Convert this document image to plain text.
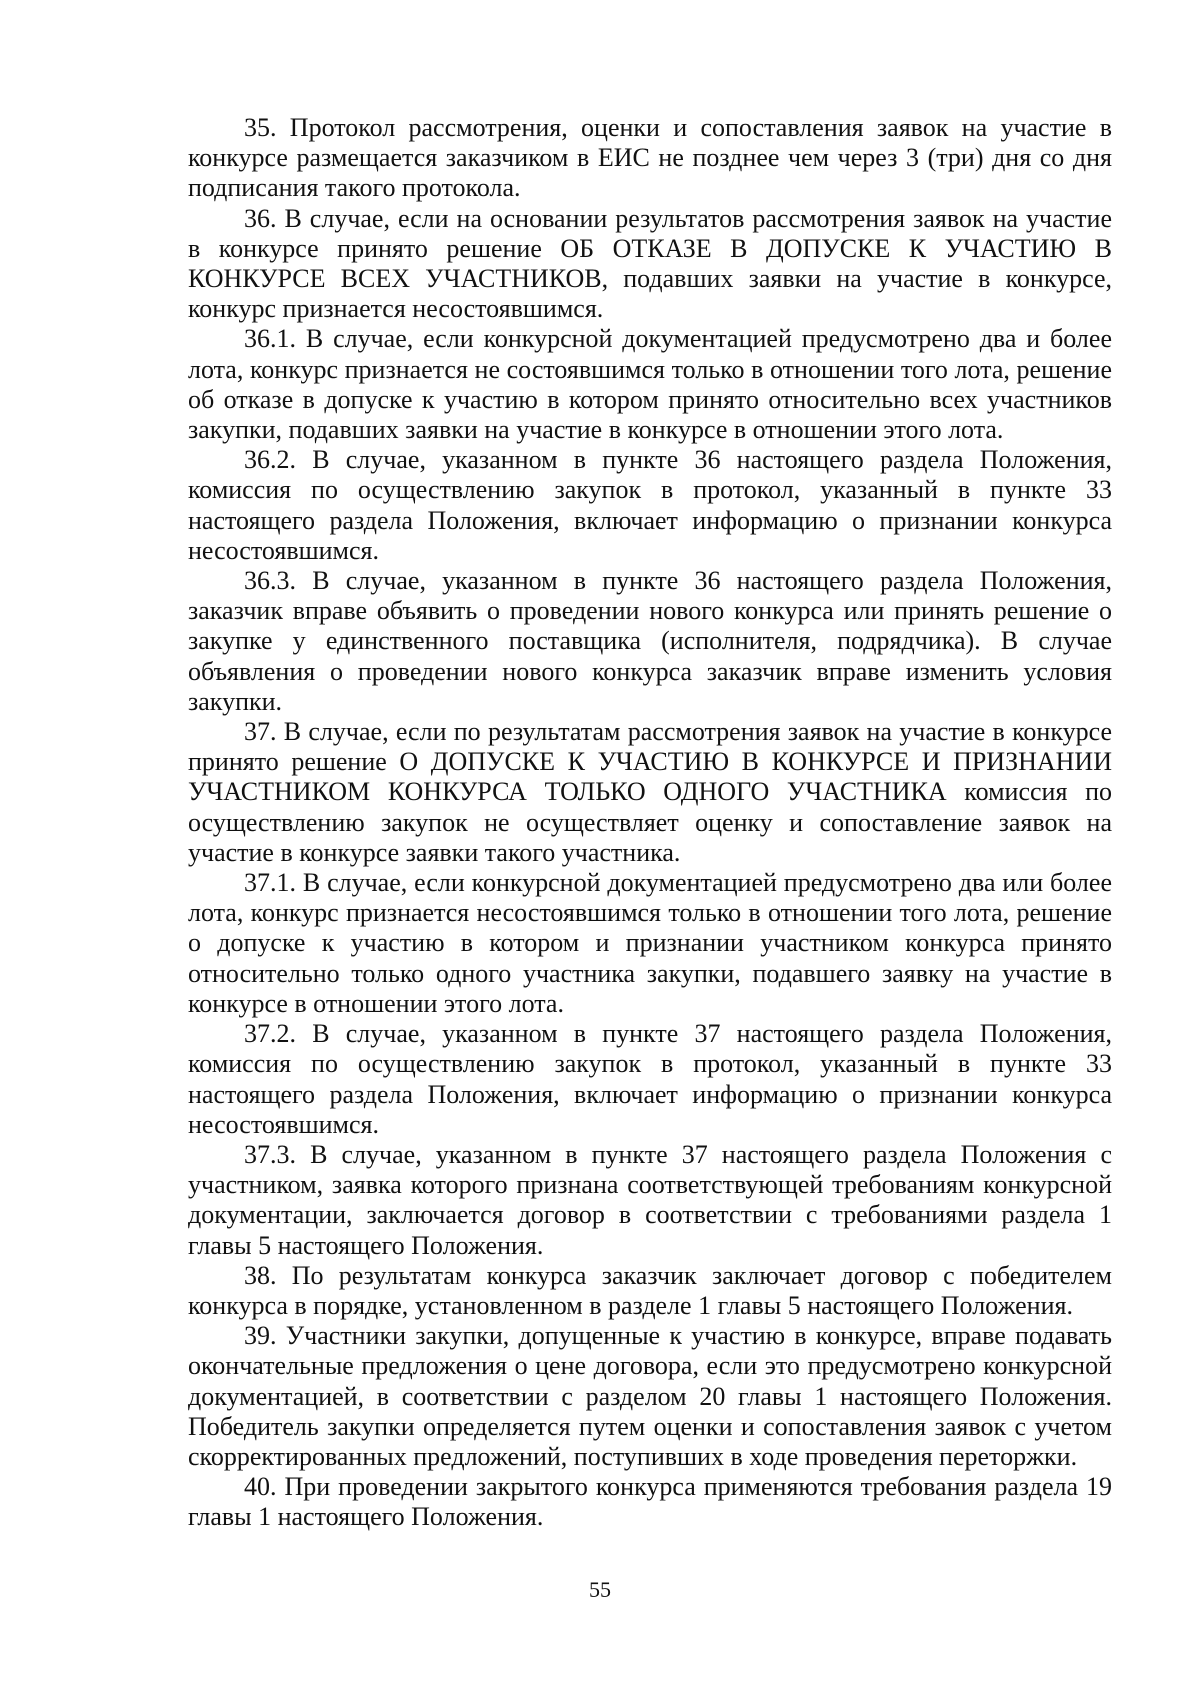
35. Протокол рассмотрения, оценки и сопоставления заявок на участие в конкурсе размещается заказчиком в ЕИС не позднее чем через 3 (три) дня со дня подписания такого протокола.

36. В случае, если на основании результатов рассмотрения заявок на участие в конкурсе принято решение ОБ ОТКАЗЕ В ДОПУСКЕ К УЧАСТИЮ В КОНКУРСЕ ВСЕХ УЧАСТНИКОВ, подавших заявки на участие в конкурсе, конкурс признается несостоявшимся.

36.1. В случае, если конкурсной документацией предусмотрено два и более лота, конкурс признается не состоявшимся только в отношении того лота, решение об отказе в допуске к участию в котором принято относительно всех участников закупки, подавших заявки на участие в конкурсе в отношении этого лота.

36.2. В случае, указанном в пункте 36 настоящего раздела Положения, комиссия по осуществлению закупок в протокол, указанный в пункте 33 настоящего раздела Положения, включает информацию о признании конкурса несостоявшимся.

36.3. В случае, указанном в пункте 36 настоящего раздела Положения, заказчик вправе объявить о проведении нового конкурса или принять решение о закупке у единственного поставщика (исполнителя, подрядчика). В случае объявления о проведении нового конкурса заказчик вправе изменить условия закупки.

37. В случае, если по результатам рассмотрения заявок на участие в конкурсе принято решение О ДОПУСКЕ К УЧАСТИЮ В КОНКУРСЕ И ПРИЗНАНИИ УЧАСТНИКОМ КОНКУРСА ТОЛЬКО ОДНОГО УЧАСТНИКА комиссия по осуществлению закупок не осуществляет оценку и сопоставление заявок на участие в конкурсе заявки такого участника.

37.1. В случае, если конкурсной документацией предусмотрено два или более лота, конкурс признается несостоявшимся только в отношении того лота, решение о допуске к участию в котором и признании участником конкурса принято относительно только одного участника закупки, подавшего заявку на участие в конкурсе в отношении этого лота.

37.2. В случае, указанном в пункте 37 настоящего раздела Положения, комиссия по осуществлению закупок в протокол, указанный в пункте 33 настоящего раздела Положения, включает информацию о признании конкурса несостоявшимся.

37.3. В случае, указанном в пункте 37 настоящего раздела Положения с участником, заявка которого признана соответствующей требованиям конкурсной документации, заключается договор в соответствии с требованиями раздела 1 главы 5 настоящего Положения.

38. По результатам конкурса заказчик заключает договор с победителем конкурса в порядке, установленном в разделе 1 главы 5 настоящего Положения.

39. Участники закупки, допущенные к участию в конкурсе, вправе подавать окончательные предложения о цене договора, если это предусмотрено конкурсной документацией, в соответствии с разделом 20 главы 1 настоящего Положения. Победитель закупки определяется путем оценки и сопоставления заявок с учетом скорректированных предложений, поступивших в ходе проведения переторжки.

40. При проведении закрытого конкурса применяются требования раздела 19 главы 1 настоящего Положения.

55
